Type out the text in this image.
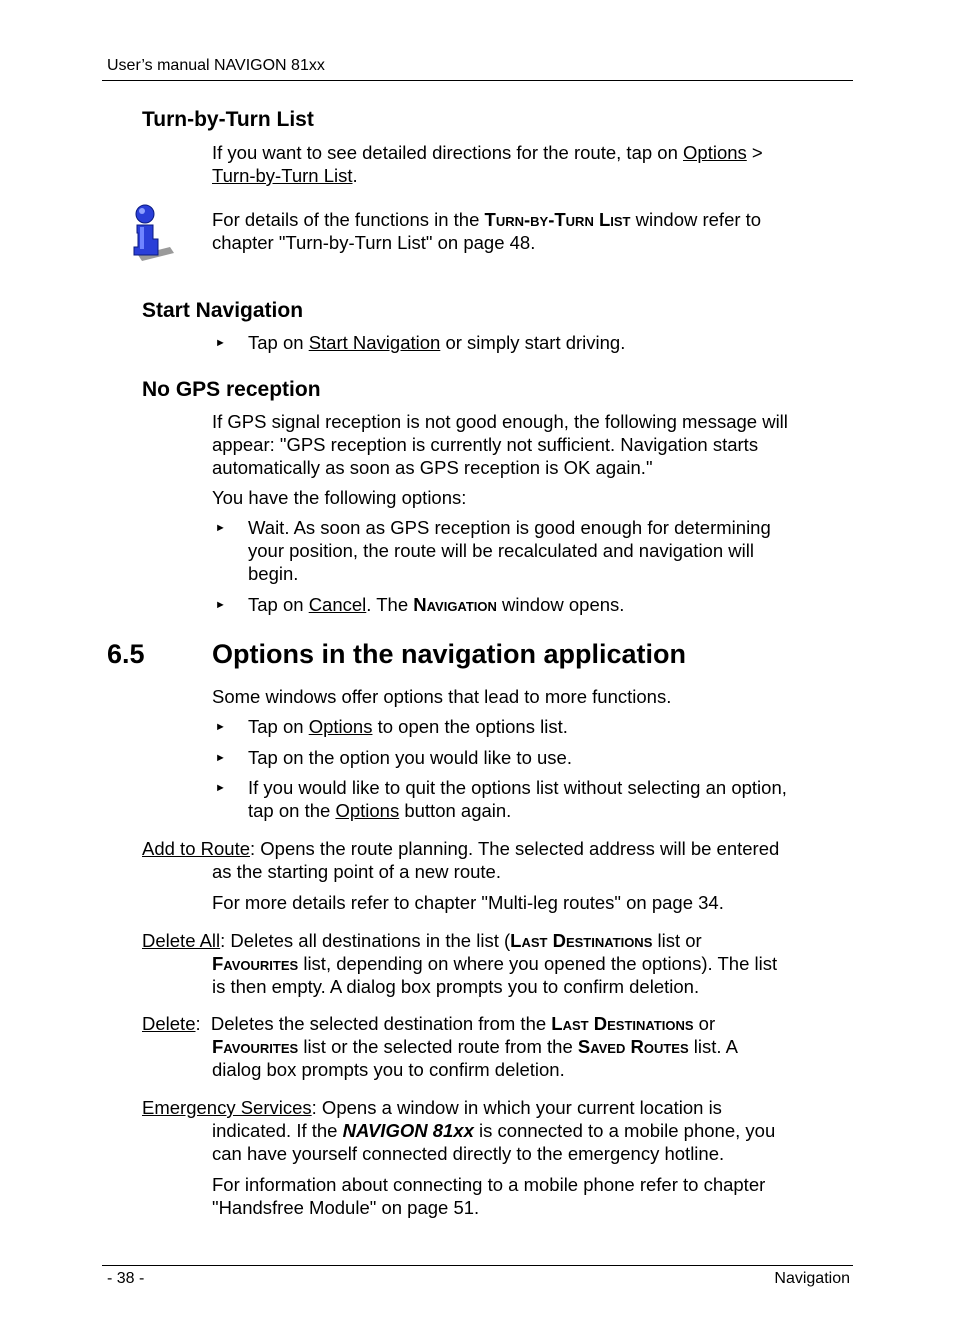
User’s manual NAVIGON 81xx
Turn-by-Turn List
If you want to see detailed directions for the route, tap on Options >
Turn-by-Turn List.
For details of the functions in the Turn-by-Turn List window refer to
chapter "Turn-by-Turn List" on page 48.
Start Navigation
► Tap on Start Navigation or simply start driving.
No GPS reception
If GPS signal reception is not good enough, the following message will
appear: "GPS reception is currently not sufficient. Navigation starts
automatically as soon as GPS reception is OK again."
You have the following options:
► Wait. As soon as GPS reception is good enough for determining
your position, the route will be recalculated and navigation will
begin.
► Tap on Cancel. The Navigation window opens.
6.5 Options in the navigation application
Some windows offer options that lead to more functions.
► Tap on Options to open the options list.
► Tap on the option you would like to use.
► If you would like to quit the options list without selecting an option,
tap on the Options button again.
Add to Route: Opens the route planning. The selected address will be entered
as the starting point of a new route.
For more details refer to chapter "Multi-leg routes" on page 34.
Delete All: Deletes all destinations in the list (Last Destinations list or
Favourites list, depending on where you opened the options). The list
is then empty. A dialog box prompts you to confirm deletion.
Delete:  Deletes the selected destination from the Last Destinations or
Favourites list or the selected route from the Saved Routes list. A
dialog box prompts you to confirm deletion.
Emergency Services: Opens a window in which your current location is
indicated. If the NAVIGON 81xx is connected to a mobile phone, you
can have yourself connected directly to the emergency hotline.
For information about connecting to a mobile phone refer to chapter
"Handsfree Module" on page 51.
- 38 -	Navigation
